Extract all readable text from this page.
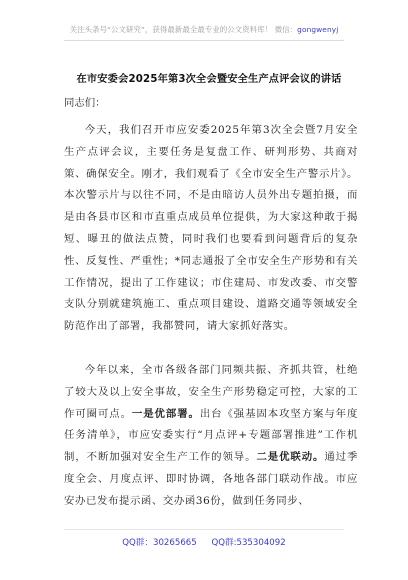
关注头条号“公文研究”，获得最新最全最专业的公文资料库！ 微信：gongwenyj
在市安委会2025年第3次全会暨安全生产点评会议的讲话
同志们：

今天，我们召开市应安委2025年第3次全会暨7月安全生产点评会议，主要任务是复盘工作、研判形势、共商对策、确保安全。刚才，我们观看了《全市安全生产警示片》。本次警示片与以往不同，不是由暗访人员外出专题拍摄，而是由各县市区和市直重点成员单位提供，为大家这种敢于揭短、曝丑的做法点赞，同时我们也要看到问题背后的复杂性、反复性、严重性；*同志通报了全市安全生产形势和有关工作情况，提出了工作建议；市住建局、市发改委、市交警支队分别就建筑施工、重点项目建设、道路交通等领域安全防范作出了部署，我都赞同，请大家抓好落实。

今年以来，全市各级各部门同频共振、齐抓共管，杜绝了较大及以上安全事故，安全生产形势稳定可控，大家的工作可圈可点。一是优部署。出台《强基固本攻坚方案与年度任务清单》，市应安委实行“月点评+专题部署推进”工作机制，不断加强对安全生产工作的领导。二是优联动。通过季度全会、月度点评、即时协调，各地各部门联动作战。市应安办已发布提示函、交办函36份，做到任务同步、

QQ群：30265665 QQ群:535304092
